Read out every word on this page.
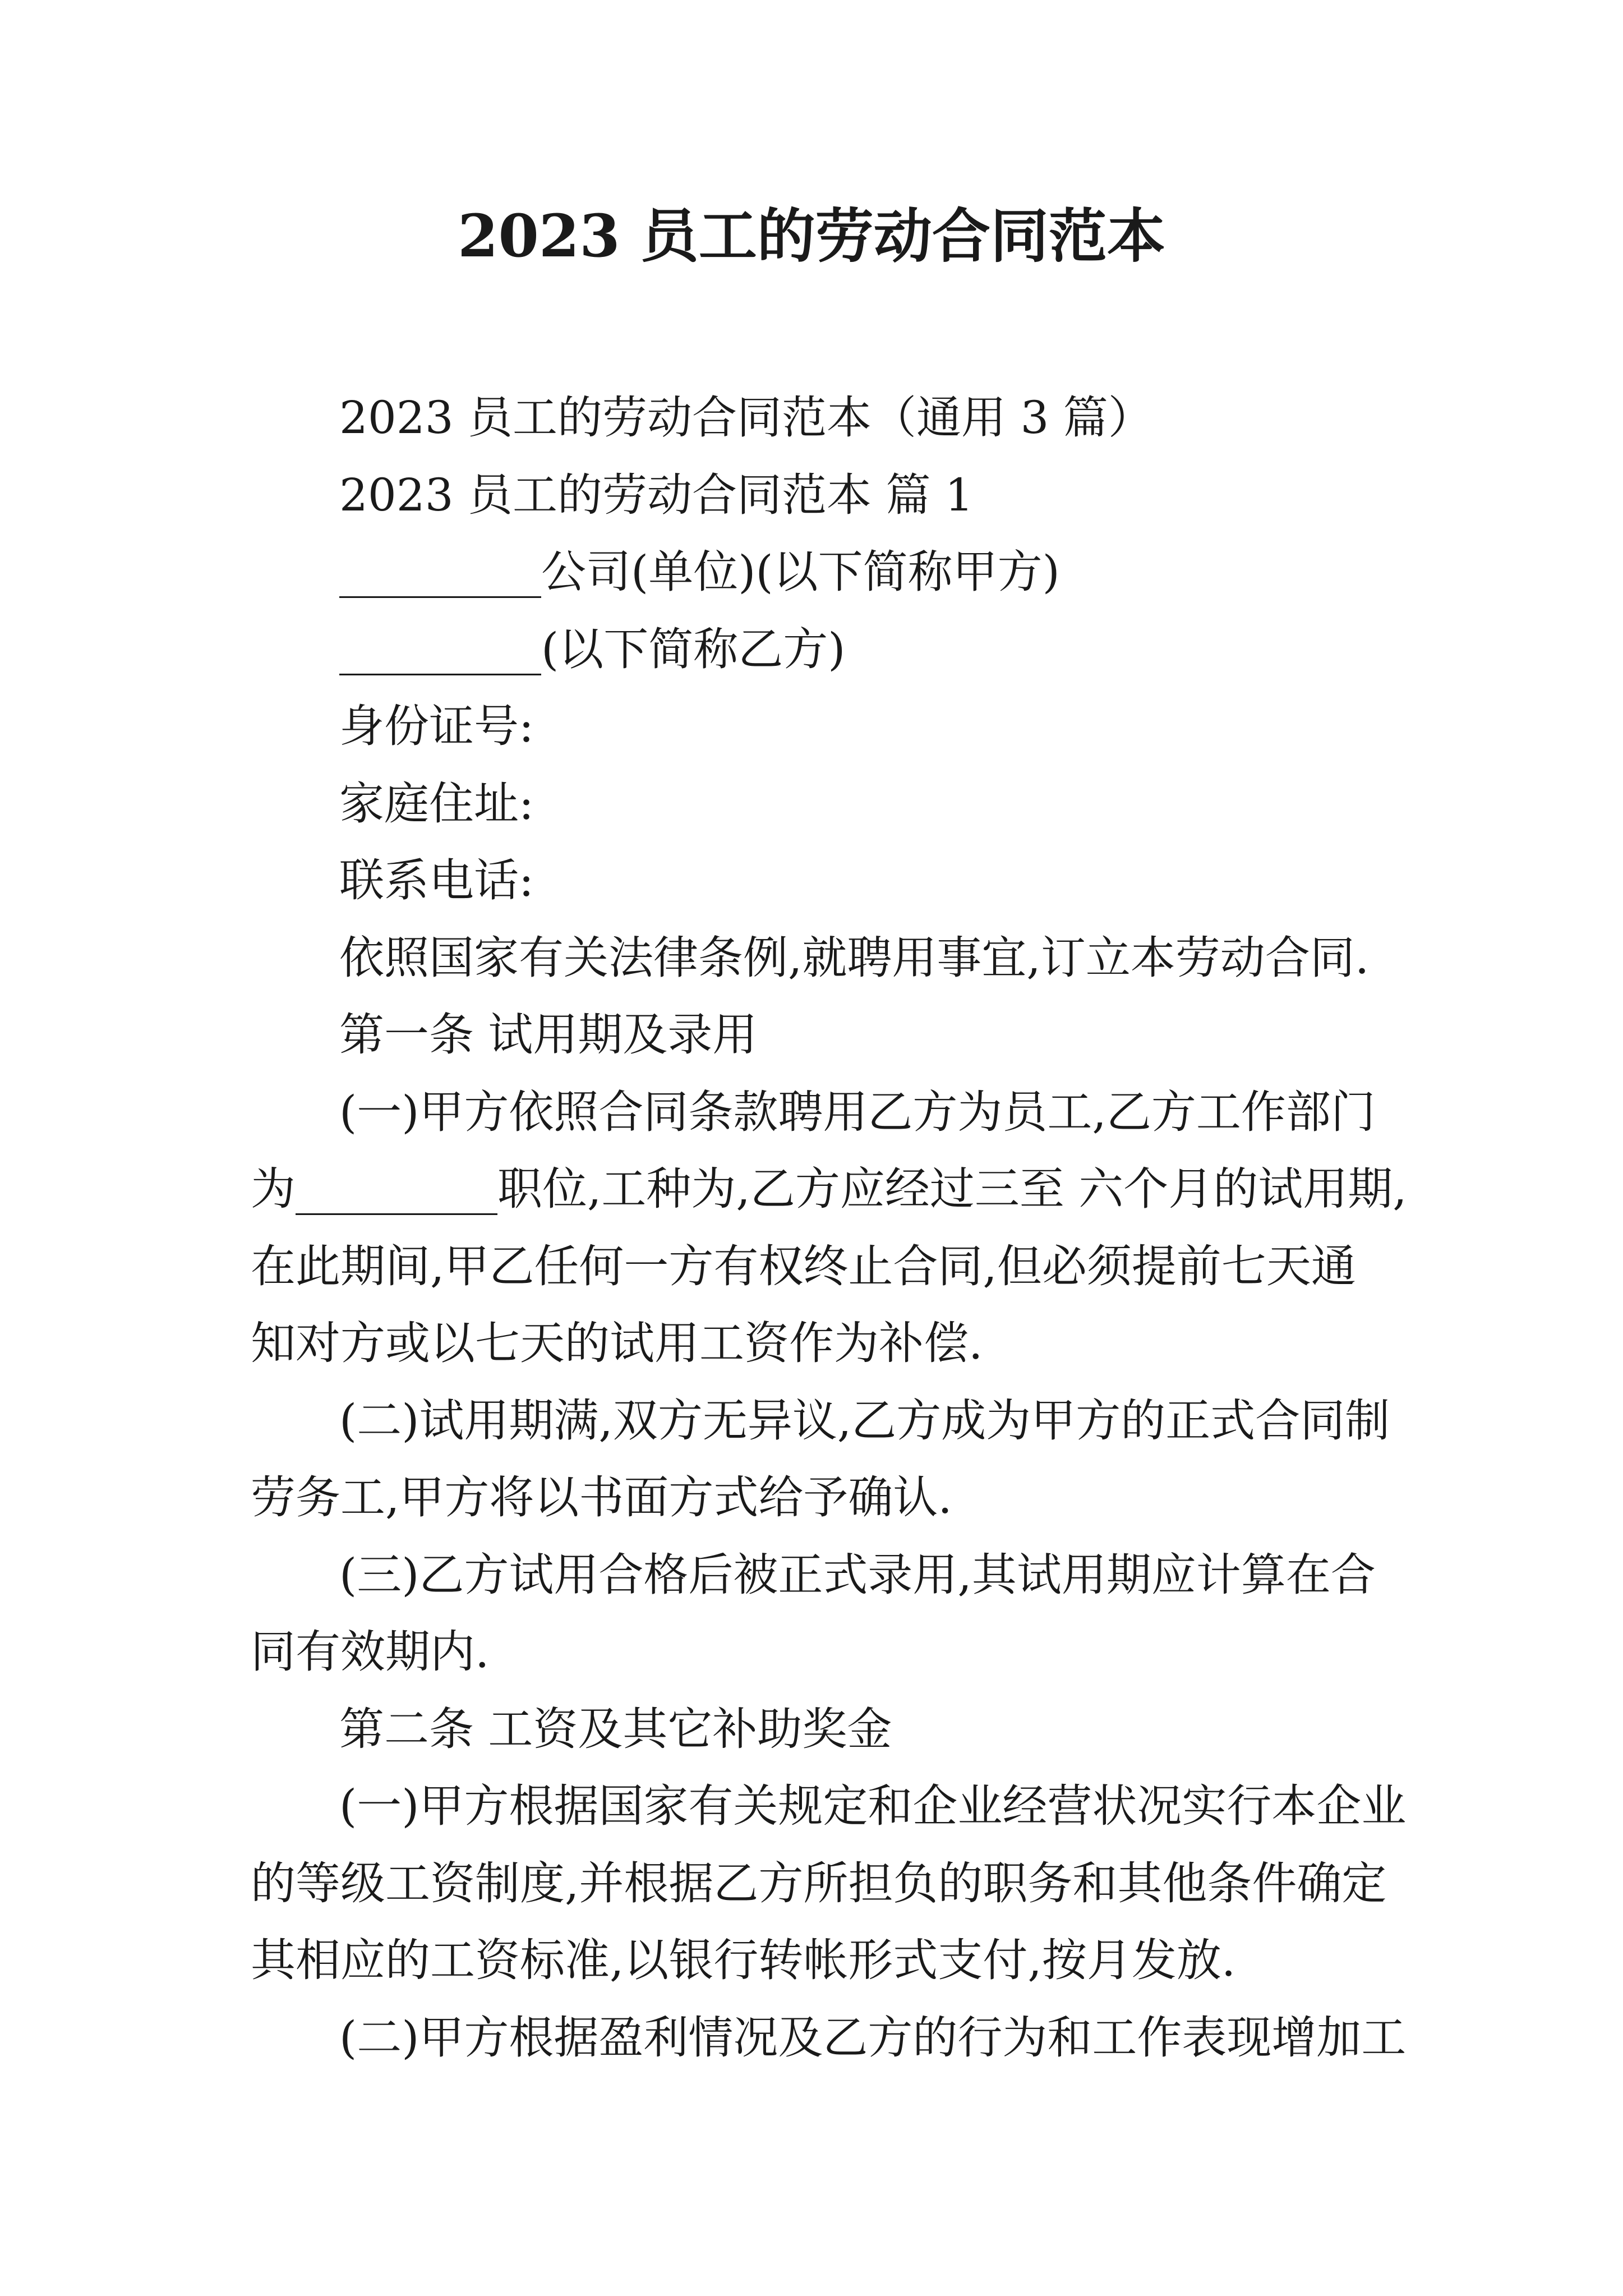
2023 员工的劳动合同范本
2023 员工的劳动合同范本（通用 3 篇）
2023 员工的劳动合同范本 篇 1
_________公司(单位)(以下简称甲方)
_________(以下简称乙方)
身份证号:
家庭住址:
联系电话:
依照国家有关法律条例,就聘用事宜,订立本劳动合同.
第一条 试用期及录用
(一)甲方依照合同条款聘用乙方为员工,乙方工作部门
为_________职位,工种为,乙方应经过三至 六个月的试用期,
在此期间,甲乙任何一方有权终止合同,但必须提前七天通
知对方或以七天的试用工资作为补偿.
(二)试用期满,双方无异议,乙方成为甲方的正式合同制
劳务工,甲方将以书面方式给予确认.
(三)乙方试用合格后被正式录用,其试用期应计算在合
同有效期内.
第二条 工资及其它补助奖金
(一)甲方根据国家有关规定和企业经营状况实行本企业
的等级工资制度,并根据乙方所担负的职务和其他条件确定
其相应的工资标准,以银行转帐形式支付,按月发放.
(二)甲方根据盈利情况及乙方的行为和工作表现增加工
